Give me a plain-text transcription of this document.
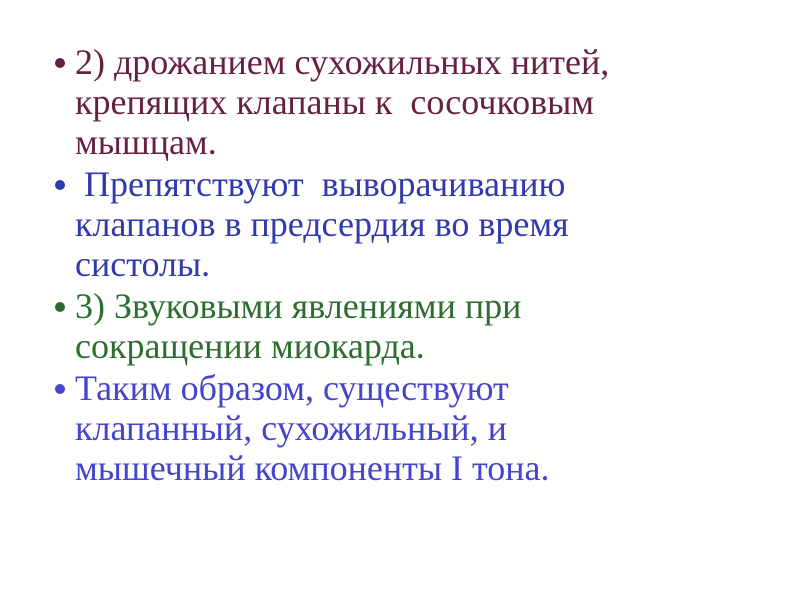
2) дрожанием сухожильных нитей,
крепящих клапаны к  сосочковым
мышцам.
Препятствуют  выворачиванию
клапанов в предсердия во время
систолы.
3) Звуковыми явлениями при
сокращении миокарда.
Таким образом, существуют
клапанный, сухожильный, и
мышечный компоненты I тона.
